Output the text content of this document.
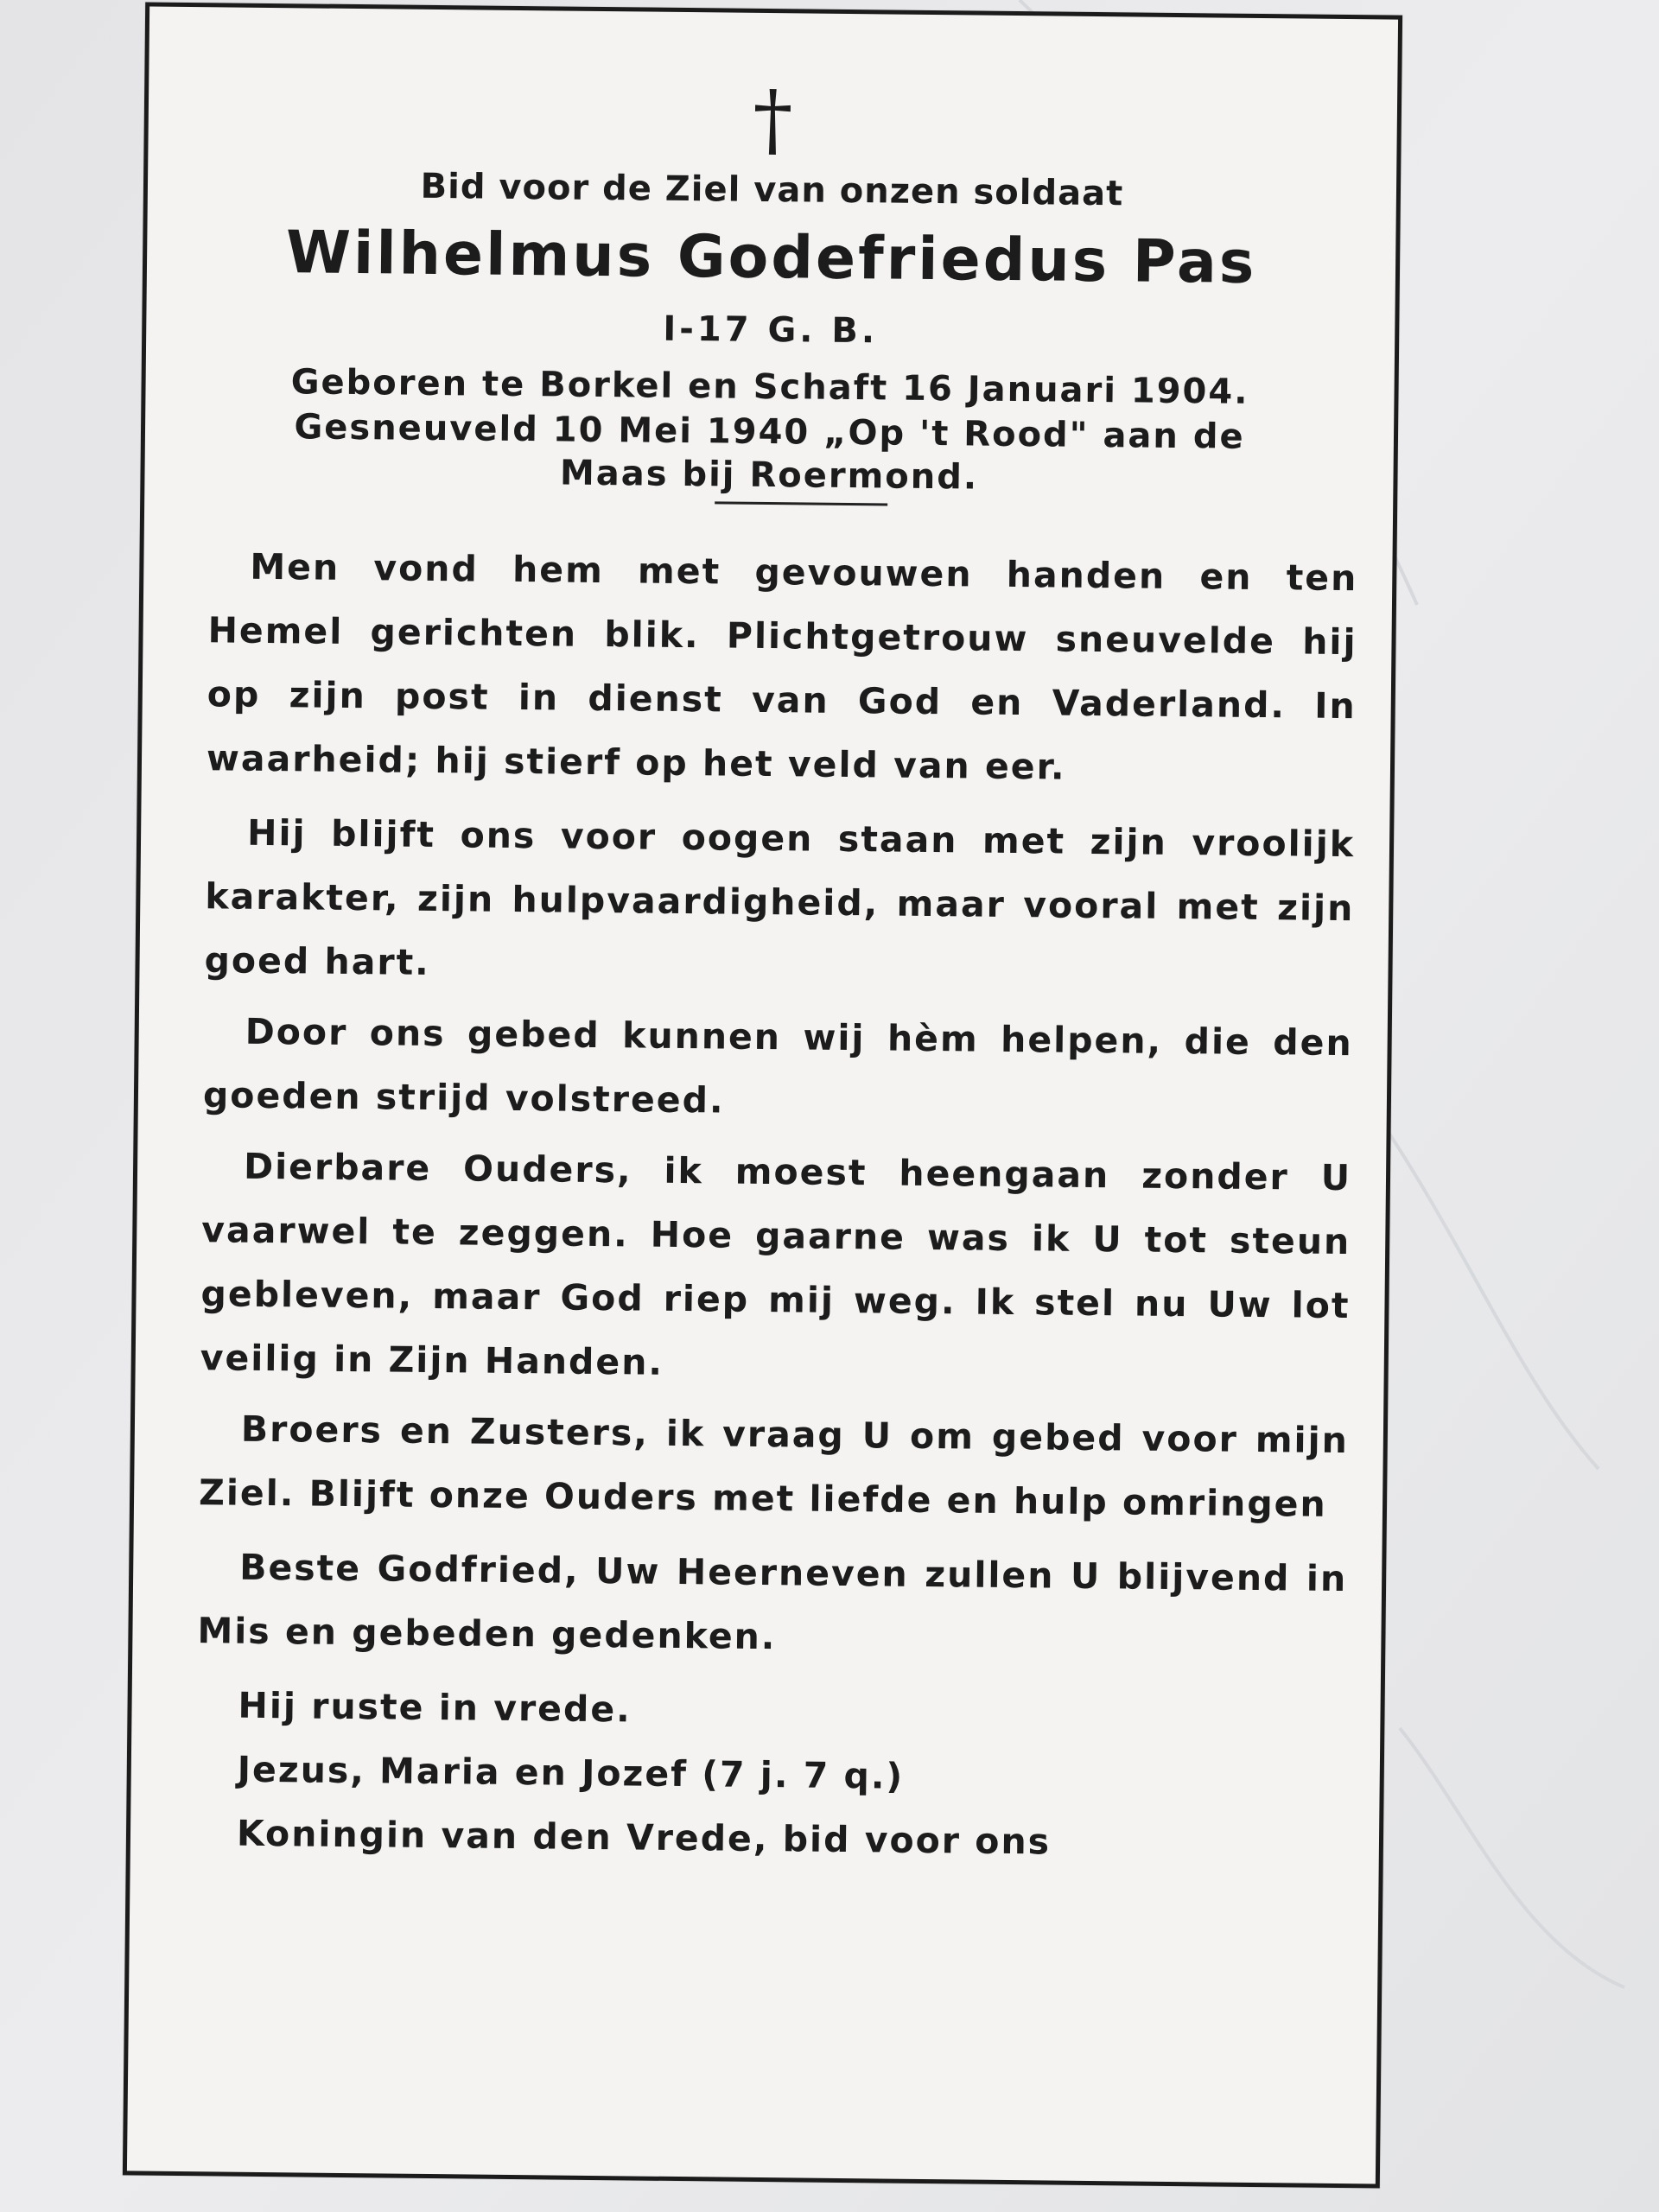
†
Bid voor de Ziel van onzen soldaat
Wilhelmus Godefriedus Pas
I-17 G. B.
Geboren te Borkel en Schaft 16 Januari 1904.
Gesneuveld 10 Mei 1940 „Op 't Rood" aan de
Maas bij Roermond.

Men vond hem met gevouwen handen en ten Hemel gerichten blik. Plichtgetrouw sneuvelde hij op zijn post in dienst van God en Vaderland. In waarheid; hij stierf op het veld van eer.

Hij blijft ons voor oogen staan met zijn vroolijk karakter, zijn hulpvaardigheid, maar vooral met zijn goed hart.

Door ons gebed kunnen wij hèm helpen, die den goeden strijd volstreed.

Dierbare Ouders, ik moest heengaan zonder U vaarwel te zeggen. Hoe gaarne was ik U tot steun gebleven, maar God riep mij weg. Ik stel nu Uw lot veilig in Zijn Handen.

Broers en Zusters, ik vraag U om gebed voor mijn Ziel. Blijft onze Ouders met liefde en hulp omringen

Beste Godfried, Uw Heerneven zullen U blijvend in Mis en gebeden gedenken.

Hij ruste in vrede.

Jezus, Maria en Jozef (7 j. 7 q.)

Koningin van den Vrede, bid voor ons
